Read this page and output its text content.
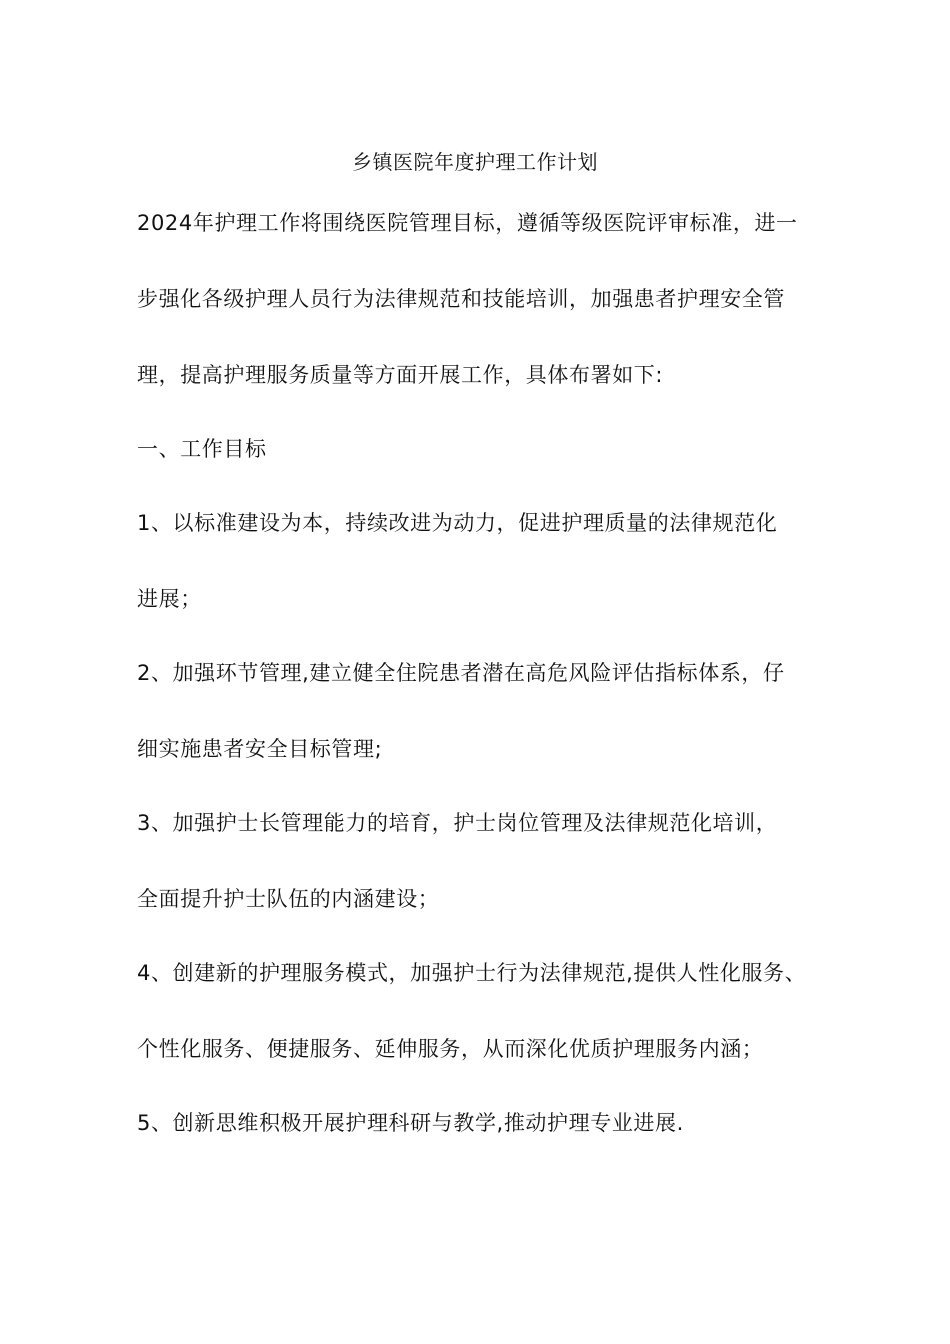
乡镇医院年度护理工作计划
2024年护理工作将围绕医院管理目标，遵循等级医院评审标准，进一
步强化各级护理人员行为法律规范和技能培训，加强患者护理安全管
理，提高护理服务质量等方面开展工作，具体布署如下:
一、工作目标
1、以标准建设为本，持续改进为动力，促进护理质量的法律规范化
进展；
2、加强环节管理,建立健全住院患者潜在高危风险评估指标体系，仔
细实施患者安全目标管理;
3、加强护士长管理能力的培育，护士岗位管理及法律规范化培训，
全面提升护士队伍的内涵建设；
4、创建新的护理服务模式，加强护士行为法律规范,提供人性化服务、
个性化服务、便捷服务、延伸服务，从而深化优质护理服务内涵；
5、创新思维积极开展护理科研与教学,推动护理专业进展.
